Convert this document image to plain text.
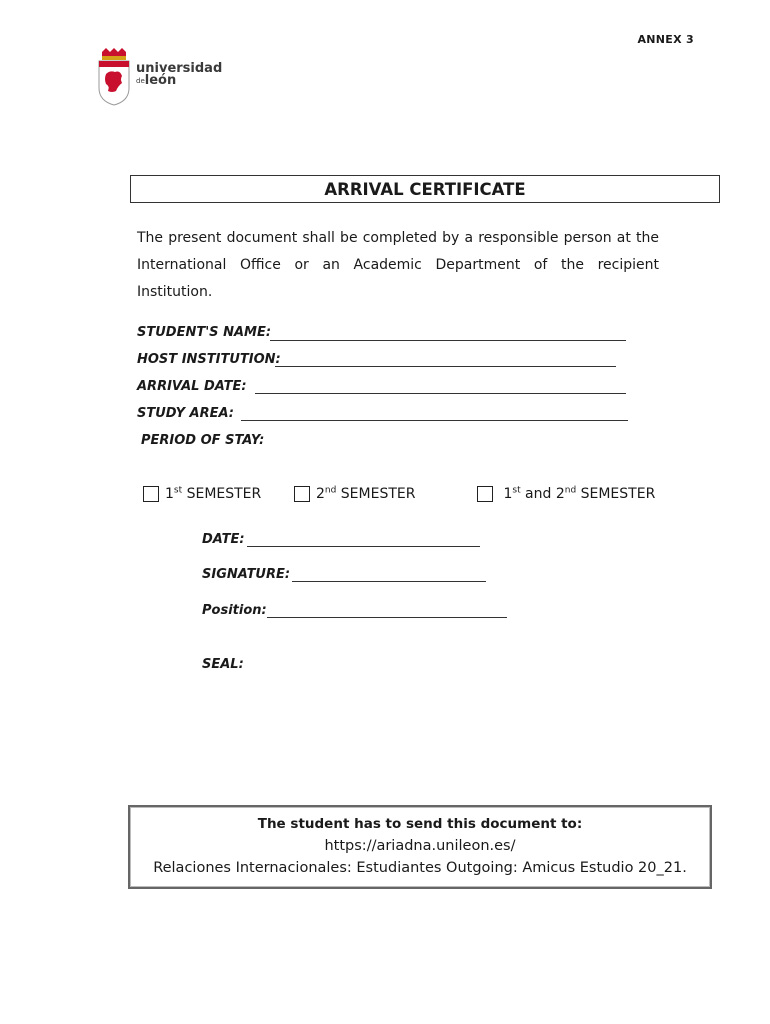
ANNEX 3
universidad
$^{de}$león
ARRIVAL CERTIFICATE
The present document shall be completed by a responsible person at the International Office or an Academic Department of the recipient Institution.
STUDENT'S NAME:
HOST INSTITUTION:
ARRIVAL DATE:
STUDY AREA:
PERIOD OF STAY:
1st SEMESTER	2nd SEMESTER	1st and 2nd SEMESTER
DATE:
SIGNATURE:
Position:
SEAL:
The student has to send this document to:
https://ariadna.unileon.es/
Relaciones Internacionales: Estudiantes Outgoing: Amicus Estudio 20_21.
